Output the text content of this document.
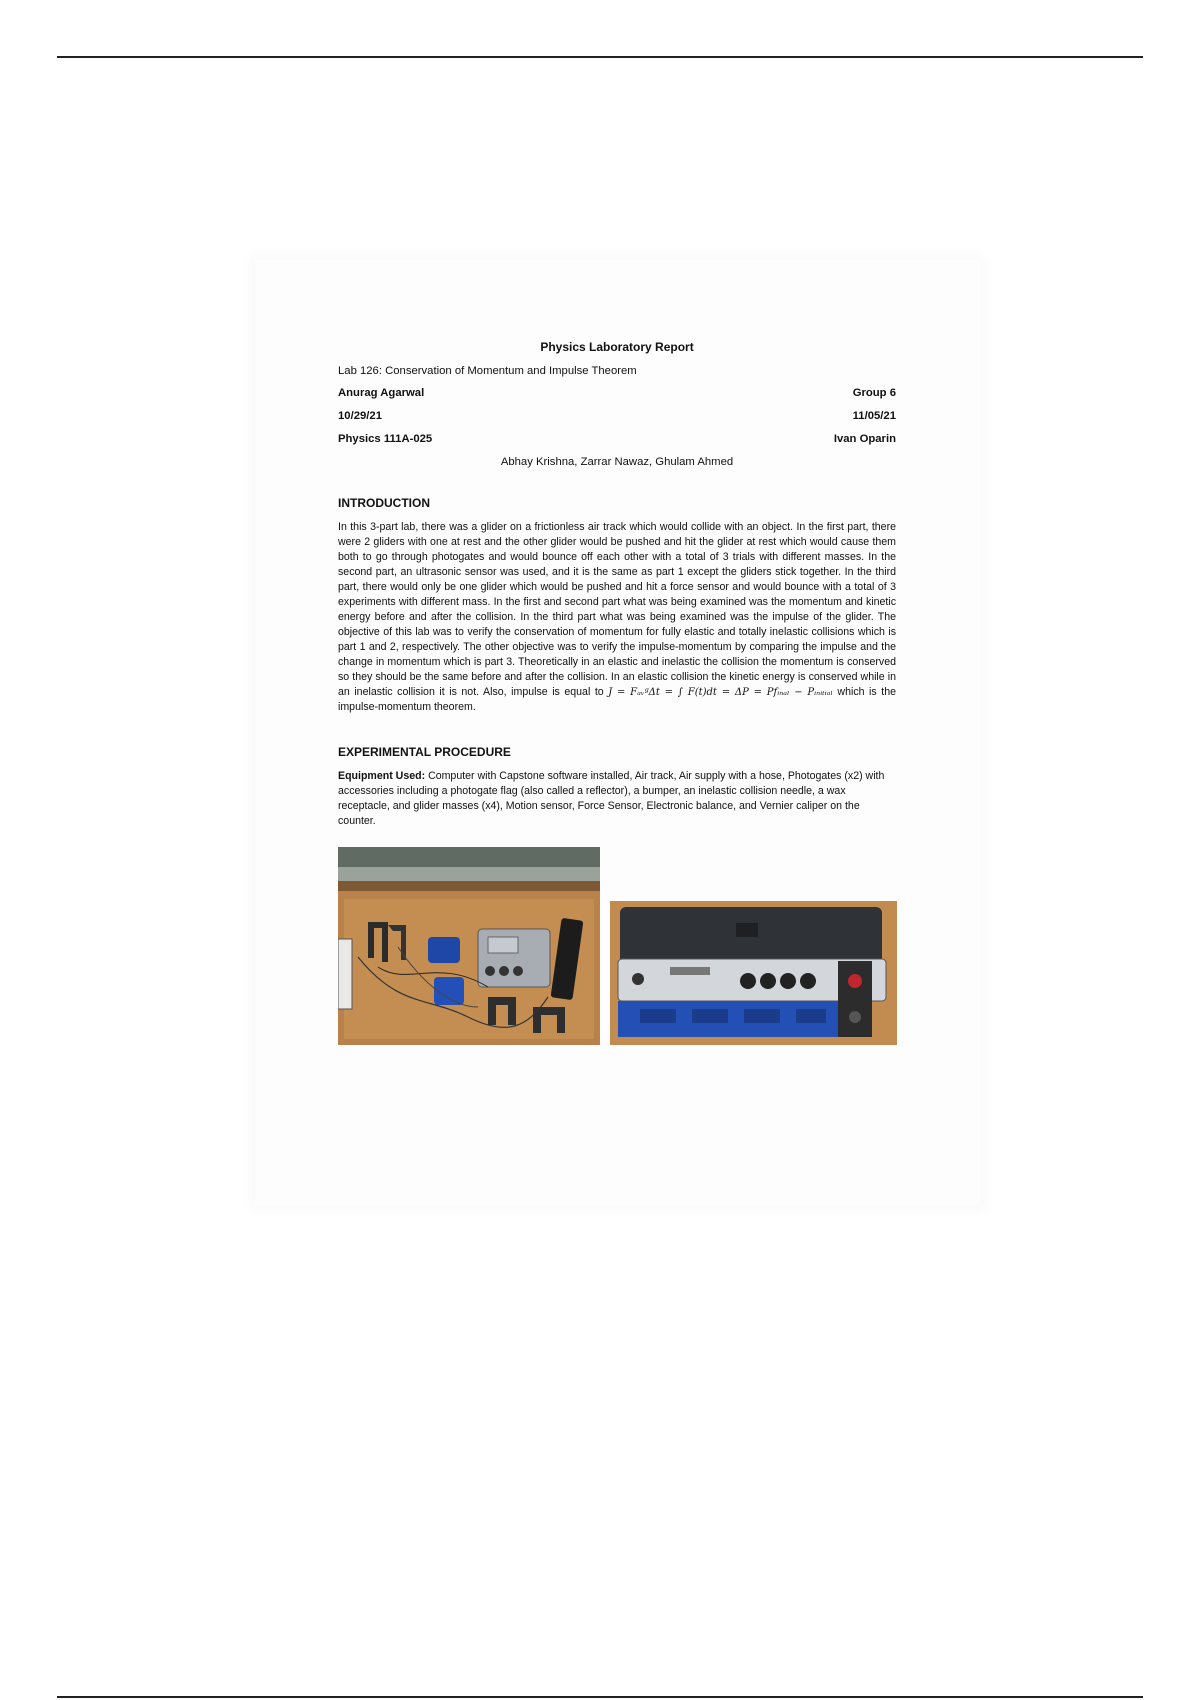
Physics Laboratory Report
Lab 126: Conservation of Momentum and Impulse Theorem
Anurag Agarwal	Group 6
10/29/21	11/05/21
Physics 111A-025	Ivan Oparin
Abhay Krishna, Zarrar Nawaz, Ghulam Ahmed
INTRODUCTION

In this 3-part lab, there was a glider on a frictionless air track which would collide with an object. In the first part, there were 2 gliders with one at rest and the other glider would be pushed and hit the glider at rest which would cause them both to go through photogates and would bounce off each other with a total of 3 trials with different masses. In the second part, an ultrasonic sensor was used, and it is the same as part 1 except the gliders stick together. In the third part, there would only be one glider which would be pushed and hit a force sensor and would bounce with a total of 3 experiments with different mass. In the first and second part what was being examined was the momentum and kinetic energy before and after the collision. In the third part what was being examined was the impulse of the glider. The objective of this lab was to verify the conservation of momentum for fully elastic and totally inelastic collisions which is part 1 and 2, respectively. The other objective was to verify the impulse-momentum by comparing the impulse and the change in momentum which is part 3. Theoretically in an elastic and inelastic the collision the momentum is conserved so they should be the same before and after the collision. In an elastic collision the kinetic energy is conserved while in an inelastic collision it is not. Also, impulse is equal to J = FₐᵥᵍΔt = ∫ F(t)dt = ΔP = Pfᵢₙₐₗ − Pᵢₙᵢₜᵢₐₗ which is the impulse-momentum theorem.

EXPERIMENTAL PROCEDURE

Equipment Used: Computer with Capstone software installed, Air track, Air supply with a hose, Photogates (x2) with accessories including a photogate flag (also called a reflector), a bumper, an inelastic collision needle, a wax receptacle, and glider masses (x4), Motion sensor, Force Sensor, Electronic balance, and Vernier caliper on the counter.
